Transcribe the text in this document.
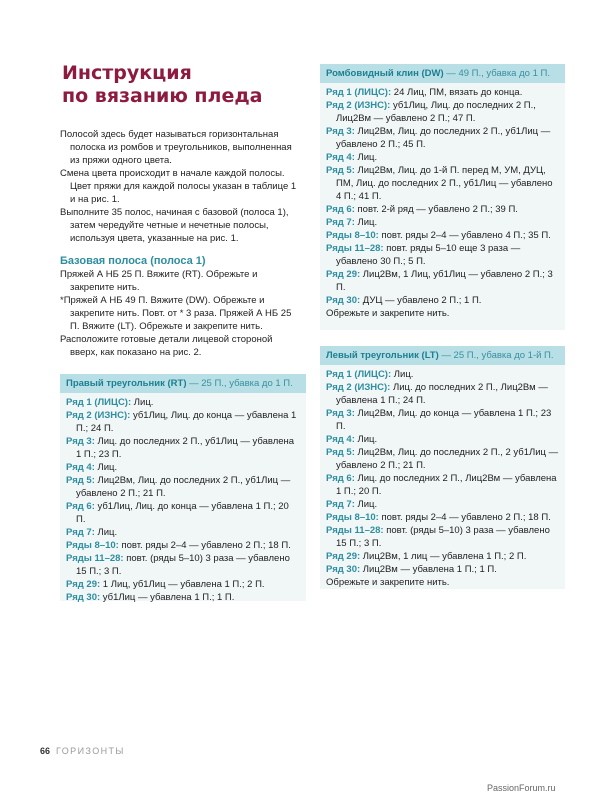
Инструкция
по вязанию пледа

Полосой здесь будет называться горизонтальная полоска из ромбов и треугольников, выполненная из пряжи одного цвета.

Смена цвета происходит в начале каждой полосы. Цвет пряжи для каждой полосы указан в таблице 1 и на рис. 1.

Выполните 35 полос, начиная с базовой (полоса 1), затем чередуйте четные и нечетные полосы, используя цвета, указанные на рис. 1.

Базовая полоса (полоса 1)

Пряжей А НБ 25 П. Вяжите (RT). Обрежьте и закрепите нить.

*Пряжей А НБ 49 П. Вяжите (DW). Обрежьте и закрепите нить. Повт. от * 3 раза. Пряжей А НБ 25 П. Вяжите (LT). Обрежьте и закрепите нить.

Расположите готовые детали лицевой стороной вверх, как показано на рис. 2.

Правый треугольник (RT) — 25 П., убавка до 1 П.

Ряд 1 (ЛИЦС): Лиц.

Ряд 2 (ИЗНС): уб1Лиц, Лиц. до конца — убавлена 1 П.; 24 П.

Ряд 3: Лиц. до последних 2 П., уб1Лиц — убавлена 1 П.; 23 П.

Ряд 4: Лиц.

Ряд 5: Лиц2Вм, Лиц. до последних 2 П., уб1Лиц — убавлено 2 П.; 21 П.

Ряд 6: уб1Лиц, Лиц. до конца — убавлена 1 П.; 20 П.

Ряд 7: Лиц.

Ряды 8–10: повт. ряды 2–4 — убавлено 2 П.; 18 П.

Ряды 11–28: повт. (ряды 5–10) 3 раза — убавлено 15 П.; 3 П.

Ряд 29: 1 Лиц, уб1Лиц — убавлена 1 П.; 2 П.

Ряд 30: уб1Лиц — убавлена 1 П.; 1 П.

Ромбовидный клин (DW) — 49 П., убавка до 1 П.

Ряд 1 (ЛИЦС): 24 Лиц, ПМ, вязать до конца.

Ряд 2 (ИЗНС): уб1Лиц, Лиц. до последних 2 П., Лиц2Вм — убавлено 2 П.; 47 П.

Ряд 3: Лиц2Вм, Лиц. до последних 2 П., уб1Лиц — убавлено 2 П.; 45 П.

Ряд 4: Лиц.

Ряд 5: Лиц2Вм, Лиц. до 1-й П. перед М, УМ, ДУЦ, ПМ, Лиц. до последних 2 П., уб1Лиц — убавлено 4 П.; 41 П.

Ряд 6: повт. 2-й ряд — убавлено 2 П.; 39 П.

Ряд 7: Лиц.

Ряды 8–10: повт. ряды 2–4 — убавлено 4 П.; 35 П.

Ряды 11–28: повт. ряды 5–10 еще 3 раза — убавлено 30 П.; 5 П.

Ряд 29: Лиц2Вм, 1 Лиц, уб1Лиц — убавлено 2 П.; 3 П.

Ряд 30: ДУЦ — убавлено 2 П.; 1 П.

Обрежьте и закрепите нить.

Левый треугольник (LT) — 25 П., убавка до 1-й П.

Ряд 1 (ЛИЦС): Лиц.

Ряд 2 (ИЗНС): Лиц. до последних 2 П., Лиц2Вм — убавлена 1 П.; 24 П.

Ряд 3: Лиц2Вм, Лиц. до конца — убавлена 1 П.; 23 П.

Ряд 4: Лиц.

Ряд 5: Лиц2Вм, Лиц. до последних 2 П., 2 уб1Лиц — убавлено 2 П.; 21 П.

Ряд 6: Лиц. до последних 2 П., Лиц2Вм — убавлена 1 П.; 20 П.

Ряд 7: Лиц.

Ряды 8–10: повт. ряды 2–4 — убавлено 2 П.; 18 П.

Ряды 11–28: повт. (ряды 5–10) 3 раза — убавлено 15 П.; 3 П.

Ряд 29: Лиц2Вм, 1 лиц — убавлена 1 П.; 2 П.

Ряд 30: Лиц2Вм — убавлена 1 П.; 1 П.

Обрежьте и закрепите нить.

66 ГОРИЗОНТЫ
PassionForum.ru
